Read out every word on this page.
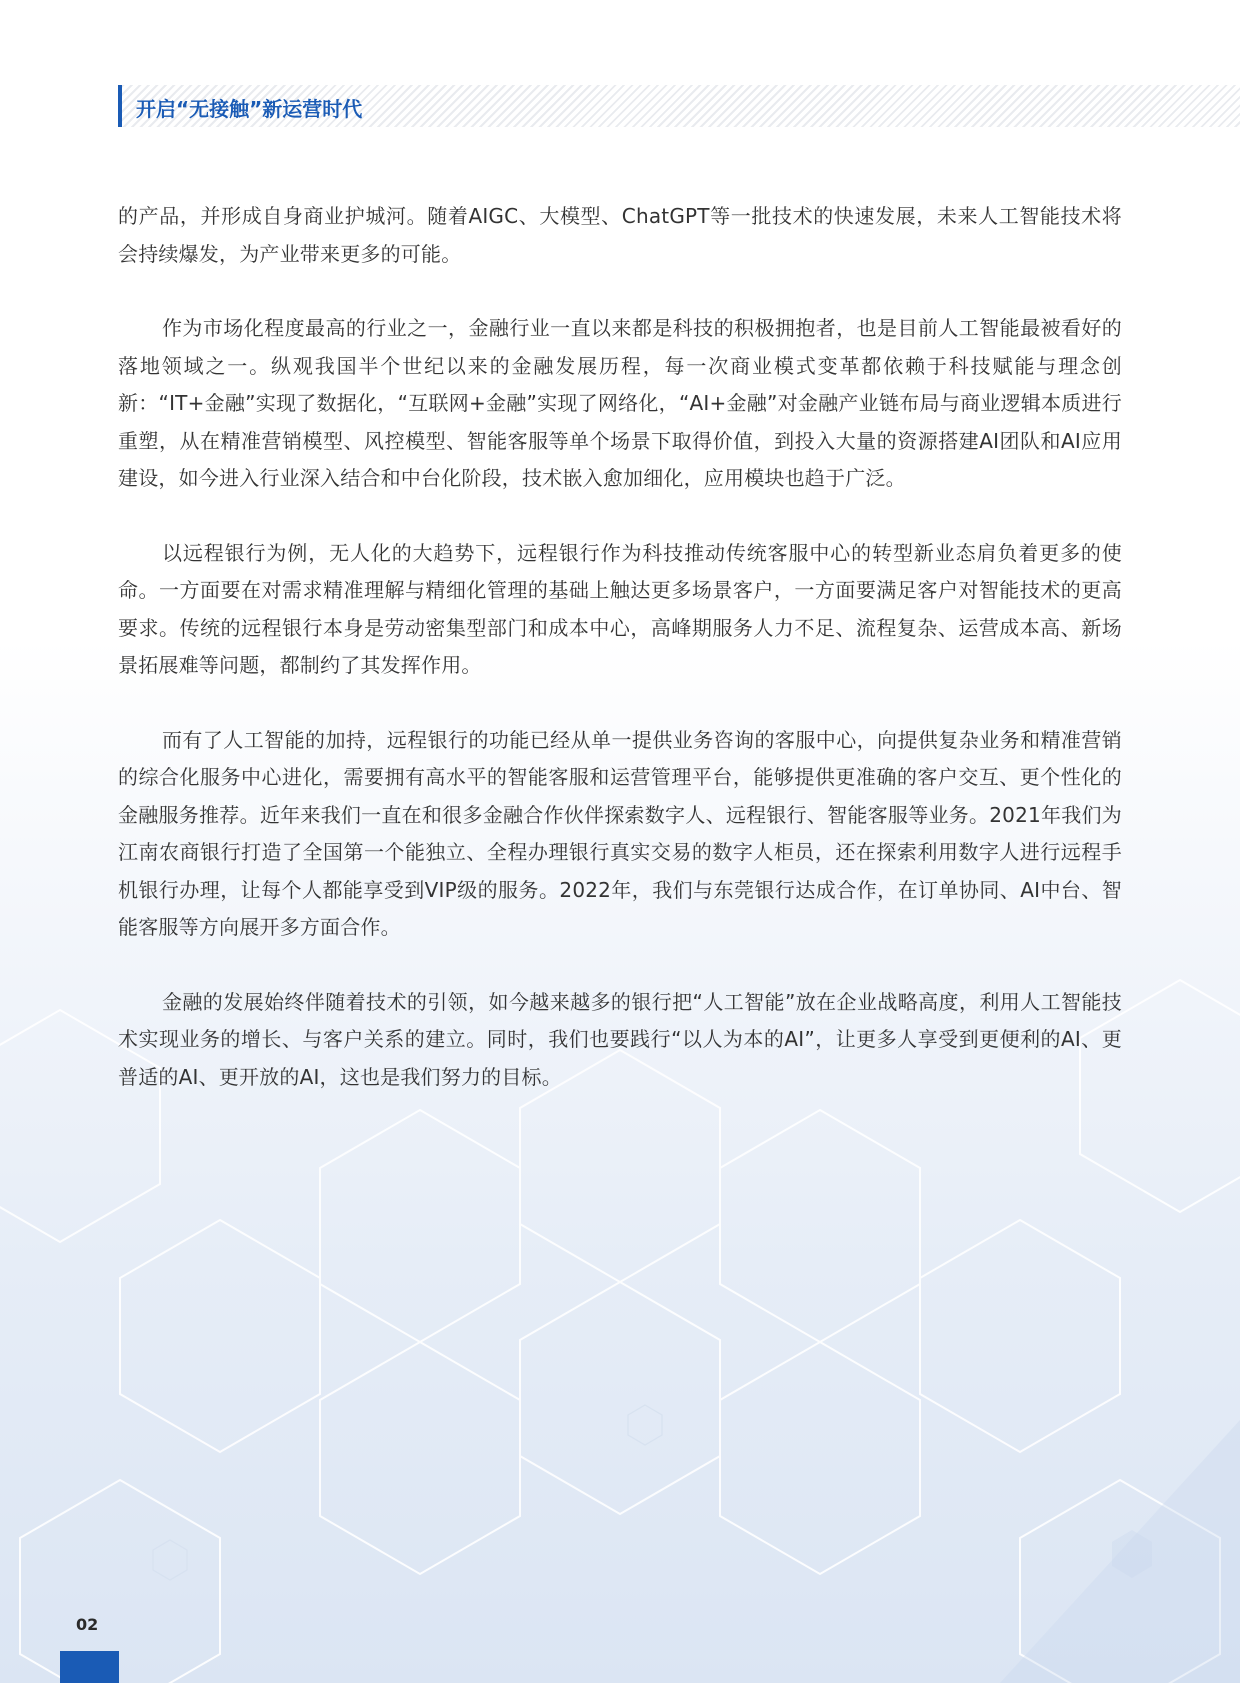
开启“无接触”新运营时代

的产品，并形成自身商业护城河。随着AIGC、大模型、ChatGPT等一批技术的快速发展，未来人工智能技术将会持续爆发，为产业带来更多的可能。

作为市场化程度最高的行业之一，金融行业一直以来都是科技的积极拥抱者，也是目前人工智能最被看好的落地领域之一。纵观我国半个世纪以来的金融发展历程，每一次商业模式变革都依赖于科技赋能与理念创新：“IT+金融”实现了数据化，“互联网+金融”实现了网络化，“AI+金融”对金融产业链布局与商业逻辑本质进行重塑，从在精准营销模型、风控模型、智能客服等单个场景下取得价值，到投入大量的资源搭建AI团队和AI应用建设，如今进入行业深入结合和中台化阶段，技术嵌入愈加细化，应用模块也趋于广泛。

以远程银行为例，无人化的大趋势下，远程银行作为科技推动传统客服中心的转型新业态肩负着更多的使命。一方面要在对需求精准理解与精细化管理的基础上触达更多场景客户，一方面要满足客户对智能技术的更高要求。传统的远程银行本身是劳动密集型部门和成本中心，高峰期服务人力不足、流程复杂、运营成本高、新场景拓展难等问题，都制约了其发挥作用。

而有了人工智能的加持，远程银行的功能已经从单一提供业务咨询的客服中心，向提供复杂业务和精准营销的综合化服务中心进化，需要拥有高水平的智能客服和运营管理平台，能够提供更准确的客户交互、更个性化的金融服务推荐。近年来我们一直在和很多金融合作伙伴探索数字人、远程银行、智能客服等业务。2021年我们为江南农商银行打造了全国第一个能独立、全程办理银行真实交易的数字人柜员，还在探索利用数字人进行远程手机银行办理，让每个人都能享受到VIP级的服务。2022年，我们与东莞银行达成合作，在订单协同、AI中台、智能客服等方向展开多方面合作。

金融的发展始终伴随着技术的引领，如今越来越多的银行把“人工智能”放在企业战略高度，利用人工智能技术实现业务的增长、与客户关系的建立。同时，我们也要践行“以人为本的AI”，让更多人享受到更便利的AI、更普适的AI、更开放的AI，这也是我们努力的目标。

02
